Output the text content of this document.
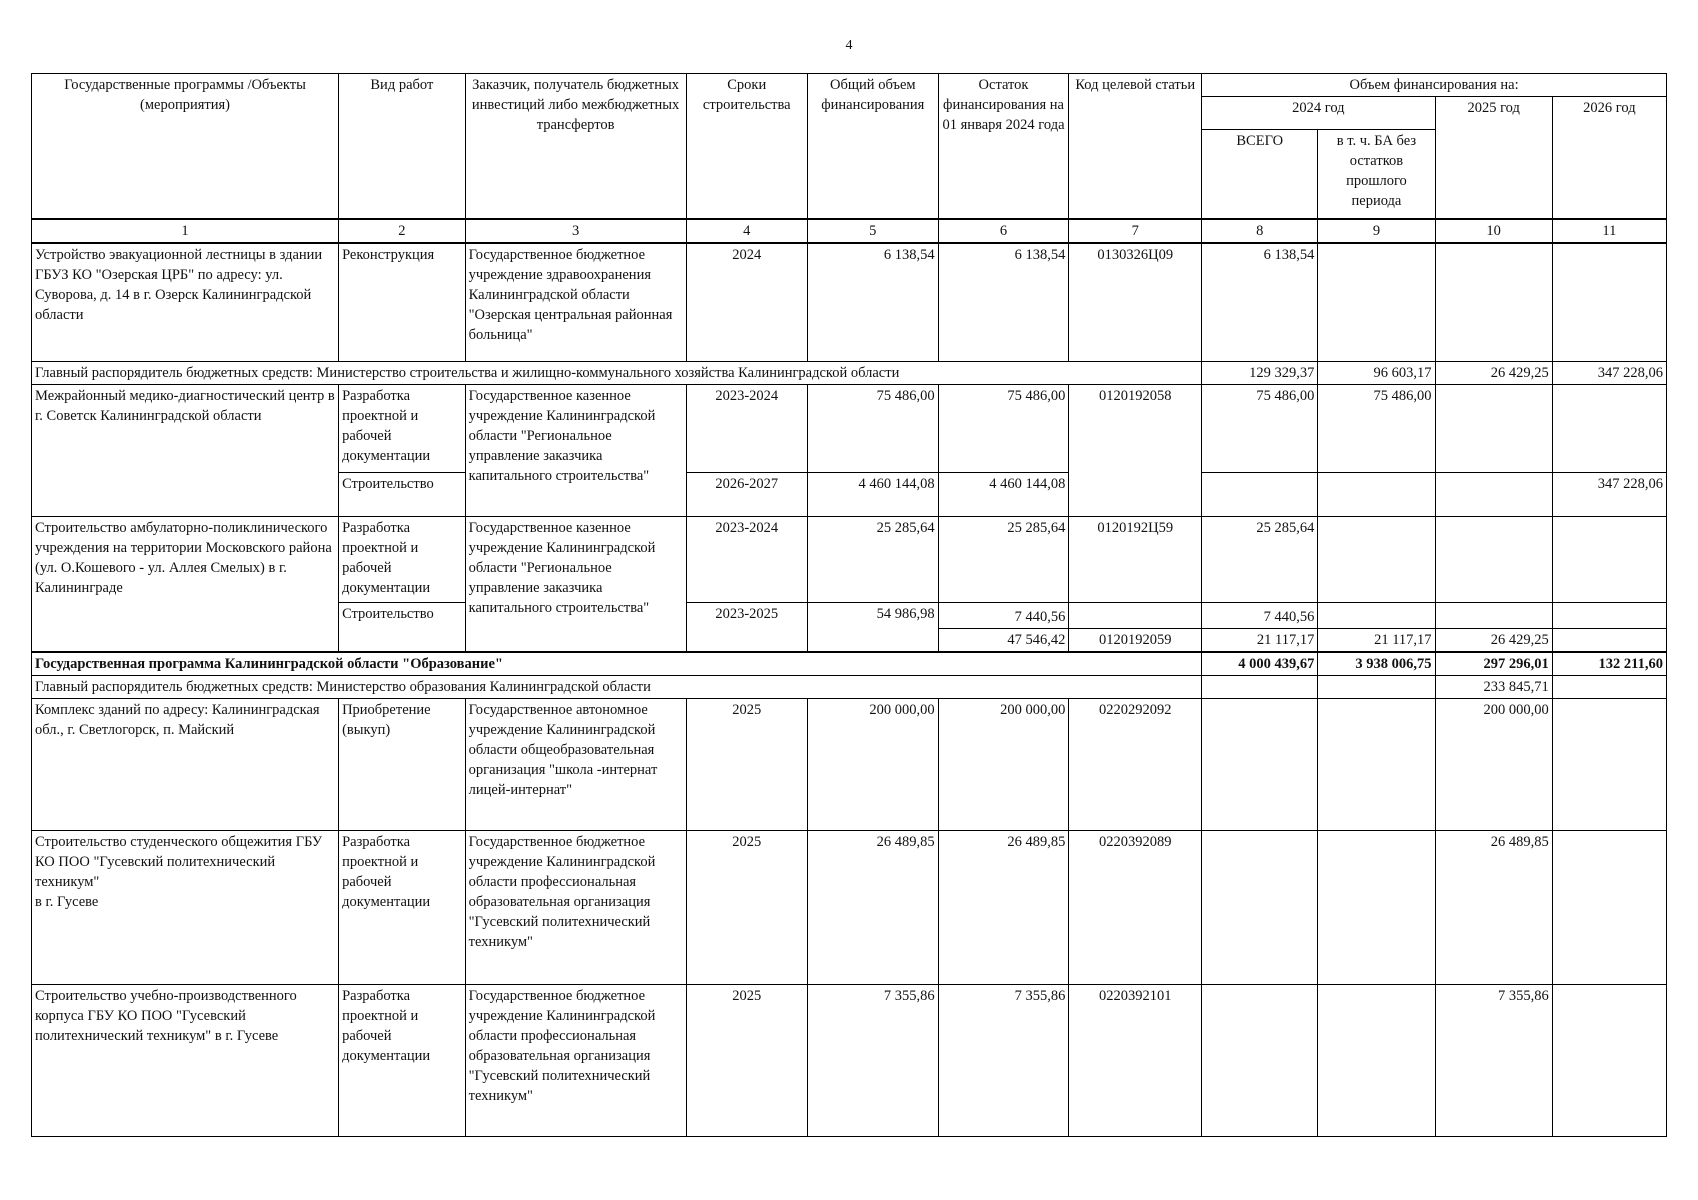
4
Государственные программы /Объекты
(мероприятия)	Вид работ	Заказчик, получатель бюджетных инвестиций либо межбюджетных трансфертов	Сроки строительства	Общий объем финансирования	Остаток финансирования на 01 января 2024 года	Код целевой статьи	Объем финансирования на:			
							2024 год		2025 год	2026 год
							ВСЕГО	в т. ч. БА без остатков прошлого периода		
1	2	3	4	5	6	7	8	9	10	11
Устройство эвакуационной лестницы в здании ГБУЗ КО "Озерская ЦРБ" по адресу: ул. Суворова, д. 14 в г. Озерск Калининградской области	Реконструкция	Государственное бюджетное учреждение здравоохранения Калининградской области "Озерская центральная районная больница"	2024	6 138,54	6 138,54	0130326Ц09	6 138,54			
Главный распорядитель бюджетных средств: Министерство строительства и жилищно-коммунального хозяйства Калининградской области							129 329,37	96 603,17	26 429,25	347 228,06
Межрайонный медико-диагностический центр в г. Советск Калининградской области	Разработка проектной и рабочей документации	Государственное казенное учреждение Калининградской области "Региональное управление заказчика капитального строительства"	2023-2024	75 486,00	75 486,00	0120192058	75 486,00	75 486,00		
	Строительство		2026-2027	4 460 144,08	4 460 144,08					347 228,06
Строительство амбулаторно-поликлинического учреждения на территории Московского района (ул. О.Кошевого - ул. Аллея Смелых) в г. Калининграде	Разработка проектной и рабочей документации	Государственное казенное учреждение Калининградской области "Региональное управление заказчика капитального строительства"	2023-2024	25 285,64	25 285,64	0120192Ц59	25 285,64			
	Строительство		2023-2025	54 986,98	7 440,56		7 440,56			
					47 546,42	0120192059	21 117,17	21 117,17	26 429,25	
Государственная программа Калининградской области "Образование"							4 000 439,67	3 938 006,75	297 296,01	132 211,60
Главный распорядитель бюджетных средств: Министерство образования Калининградской области									233 845,71	
Комплекс зданий по адресу: Калининградская обл., г. Светлогорск, п. Майский	Приобретение (выкуп)	Государственное автономное учреждение Калининградской области общеобразовательная организация "школа -интернат лицей-интернат"	2025	200 000,00	200 000,00	0220292092			200 000,00	
Строительство студенческого общежития ГБУ КО ПОО "Гусевский политехнический техникум"
в г. Гусеве	Разработка проектной и рабочей документации	Государственное бюджетное учреждение Калининградской области профессиональная образовательная организация "Гусевский политехнический техникум"	2025	26 489,85	26 489,85	0220392089			26 489,85	
Строительство учебно-производственного корпуса ГБУ КО ПОО "Гусевский политехнический техникум" в г. Гусеве	Разработка проектной и рабочей документации	Государственное бюджетное учреждение Калининградской области профессиональная образовательная организация "Гусевский политехнический техникум"	2025	7 355,86	7 355,86	0220392101			7 355,86	
